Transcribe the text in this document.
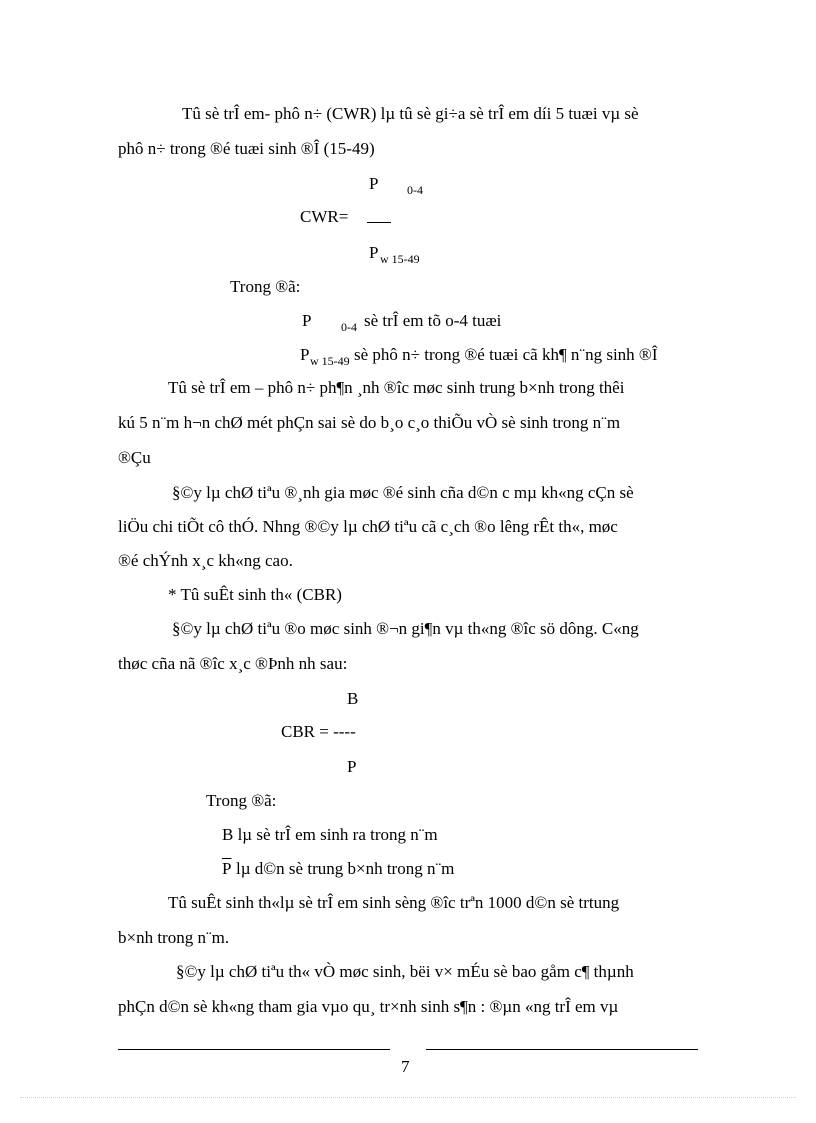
Tû sè trÎ em- phô n÷ (CWR) lµ tû sè gi÷a sè trÎ em díi 5 tuæi vµ sè
phô n÷ trong ®é tuæi sinh ®Î (15-49)
P 0-4
CWR=
P w 15-49
Trong ®ã:
P 0-4 sè trÎ em tõ o-4 tuæi
P w 15-49 sè phô n÷ trong ®é tuæi cã kh¶ n¨ng sinh ®Î
Tû sè trÎ em – phô n÷ ph¶n ¸nh ®îc møc sinh trung b×nh trong thêi
kú 5 n¨m h¬n chØ mét phÇn sai sè do b¸o c¸o thiÕu vÒ sè sinh trong n¨m
®Çu
§©y lµ chØ tiªu ®¸nh gia møc ®é sinh cña d©n c mµ kh«ng cÇn sè
liÖu chi tiÕt cô thÓ. Nhng ®©y lµ chØ tiªu cã c¸ch ®o lêng rÊt th«, møc
®é chÝnh x¸c kh«ng cao.
* Tû suÊt sinh th« (CBR)
§©y lµ chØ tiªu ®o møc sinh ®¬n gi¶n vµ th«ng ®îc sö dông. C«ng
thøc cña nã ®îc x¸c ®Þnh nh sau:
B
CBR = ----
P
Trong ®ã:
B lµ sè trÎ em sinh ra trong n¨m
$\overline{P}$ lµ d©n sè trung b×nh trong n¨m
Tû suÊt sinh th«lµ sè trÎ em sinh sèng ®îc trªn 1000 d©n sè trtung
b×nh trong n¨m.
§©y lµ chØ tiªu th« vÒ møc sinh, bëi v× mÉu sè bao gåm c¶ thµnh
phÇn d©n sè kh«ng tham gia vµo qu¸ tr×nh sinh s¶n : ®µn «ng trÎ em vµ
7
